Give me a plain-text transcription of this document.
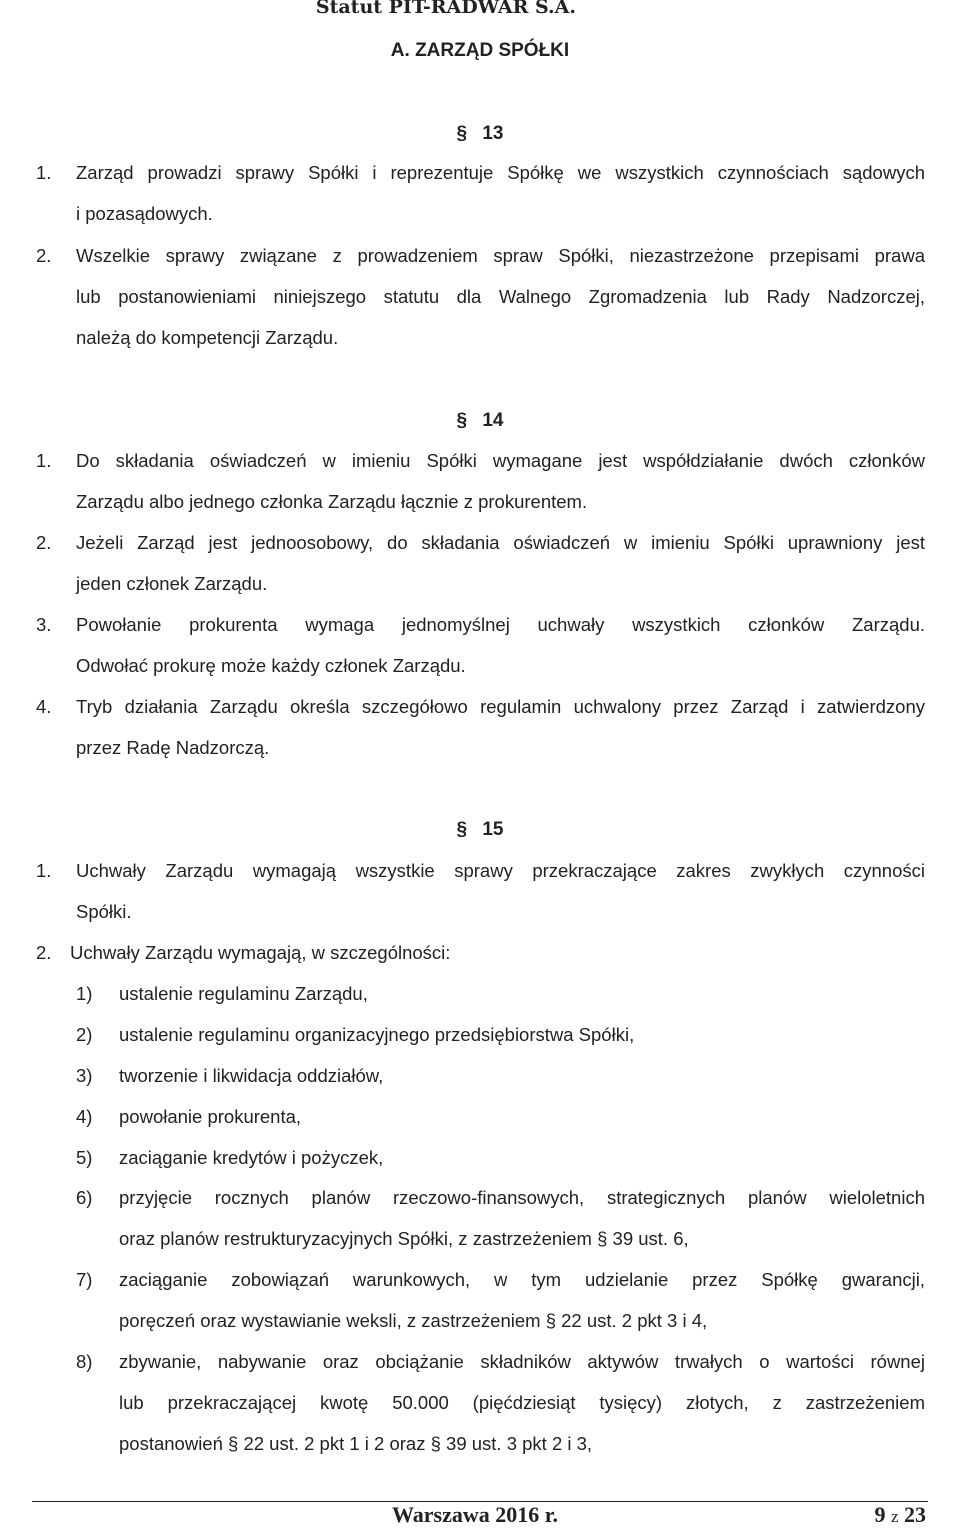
Statut PIT-RADWAR S.A.
A. ZARZĄD SPÓŁKI
§ 13
1. Zarząd prowadzi sprawy Spółki i reprezentuje Spółkę we wszystkich czynnościach sądowych
i pozasądowych.
2. Wszelkie sprawy związane z prowadzeniem spraw Spółki, niezastrzeżone przepisami prawa
lub postanowieniami niniejszego statutu dla Walnego Zgromadzenia lub Rady Nadzorczej,
należą do kompetencji Zarządu.
§ 14
1. Do składania oświadczeń w imieniu Spółki wymagane jest współdziałanie dwóch członków
Zarządu albo jednego członka Zarządu łącznie z prokurentem.
2. Jeżeli Zarząd jest jednoosobowy, do składania oświadczeń w imieniu Spółki uprawniony jest
jeden członek Zarządu.
3. Powołanie prokurenta wymaga jednomyślnej uchwały wszystkich członków Zarządu.
Odwołać prokurę może każdy członek Zarządu.
4. Tryb działania Zarządu określa szczegółowo regulamin uchwalony przez Zarząd i zatwierdzony
przez Radę Nadzorczą.
§ 15
1. Uchwały Zarządu wymagają wszystkie sprawy przekraczające zakres zwykłych czynności
Spółki.
2. Uchwały Zarządu wymagają, w szczególności:
1) ustalenie regulaminu Zarządu,
2) ustalenie regulaminu organizacyjnego przedsiębiorstwa Spółki,
3) tworzenie i likwidacja oddziałów,
4) powołanie prokurenta,
5) zaciąganie kredytów i pożyczek,
6) przyjęcie rocznych planów rzeczowo-finansowych, strategicznych planów wieloletnich
oraz planów restrukturyzacyjnych Spółki, z zastrzeżeniem § 39 ust. 6,
7) zaciąganie zobowiązań warunkowych, w tym udzielanie przez Spółkę gwarancji,
poręczeń oraz wystawianie weksli, z zastrzeżeniem § 22 ust. 2 pkt 3 i 4,
8) zbywanie, nabywanie oraz obciążanie składników aktywów trwałych o wartości równej
lub przekraczającej kwotę 50.000 (pięćdziesiąt tysięcy) złotych, z zastrzeżeniem
postanowień § 22 ust. 2 pkt 1 i 2 oraz § 39 ust. 3 pkt 2 i 3,
Warszawa 2016 r.	9 z 23
